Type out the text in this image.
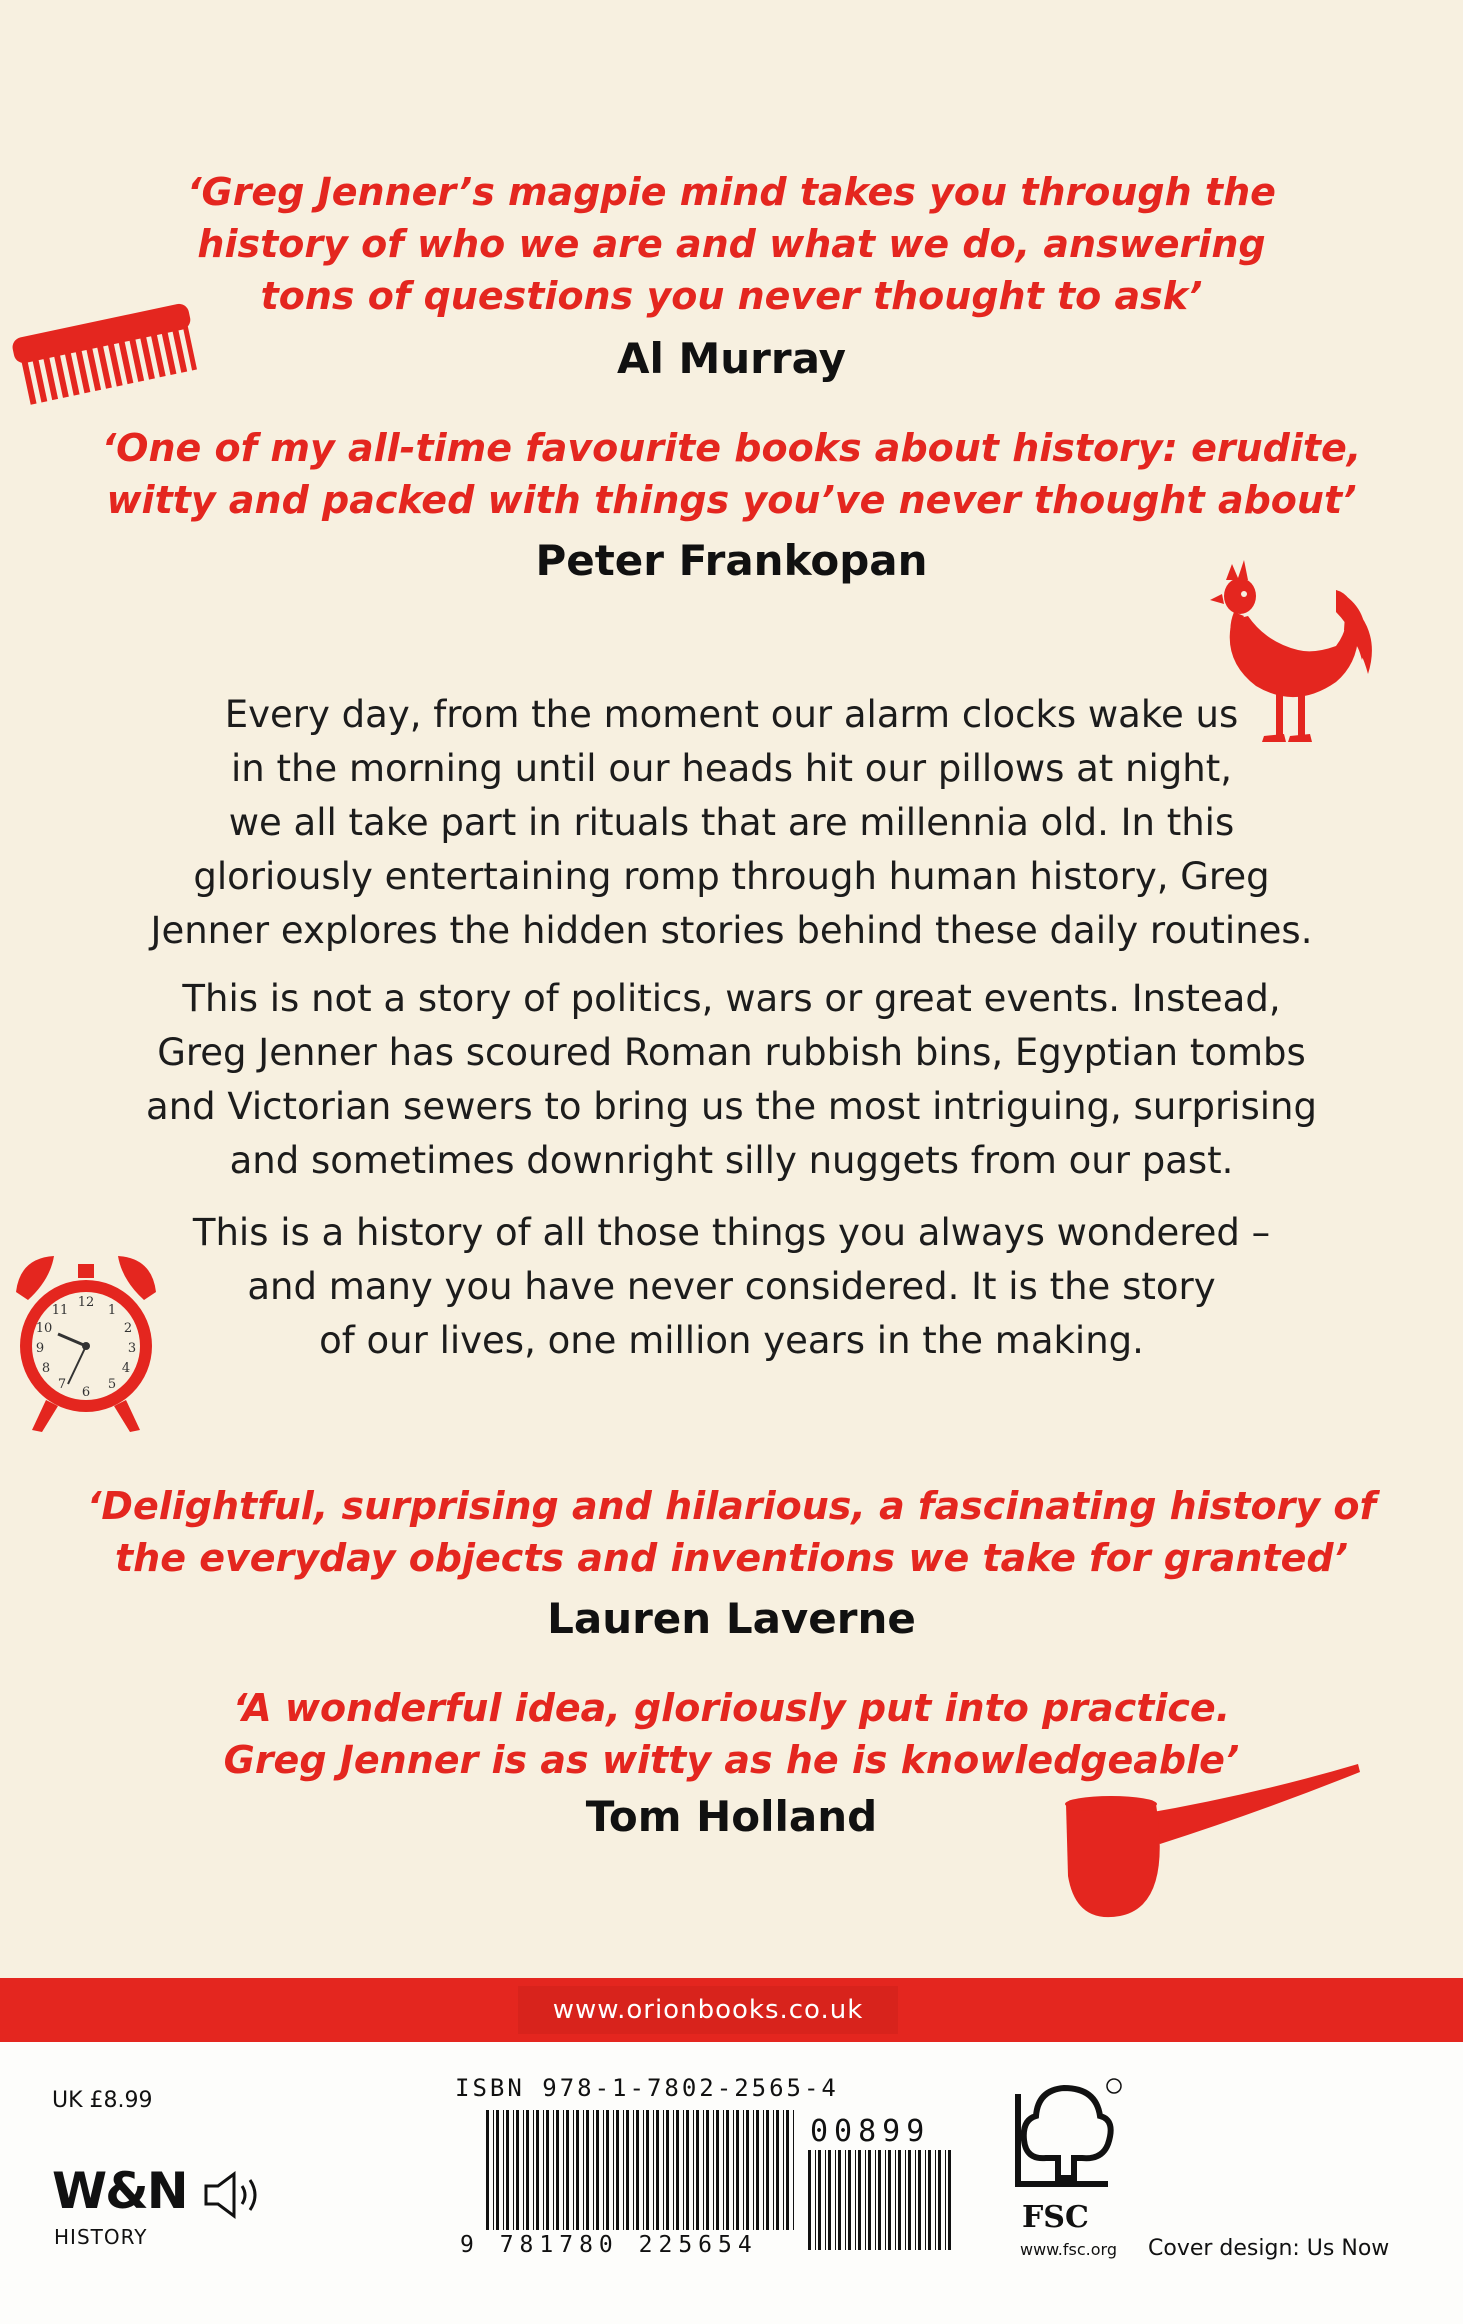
‘Greg Jenner’s magpie mind takes you through the
history of who we are and what we do, answering
tons of questions you never thought to ask’
Al Murray
‘One of my all-time favourite books about history: erudite,
witty and packed with things you’ve never thought about’
Peter Frankopan
Every day, from the moment our alarm clocks wake us
in the morning until our heads hit our pillows at night,
we all take part in rituals that are millennia old. In this
gloriously entertaining romp through human history, Greg
Jenner explores the hidden stories behind these daily routines.
This is not a story of politics, wars or great events. Instead,
Greg Jenner has scoured Roman rubbish bins, Egyptian tombs
and Victorian sewers to bring us the most intriguing, surprising
and sometimes downright silly nuggets from our past.
This is a history of all those things you always wondered –
and many you have never considered. It is the story
of our lives, one million years in the making.
‘Delightful, surprising and hilarious, a fascinating history of
the everyday objects and inventions we take for granted’
Lauren Laverne
‘A wonderful idea, gloriously put into practice.
Greg Jenner is as witty as he is knowledgeable’
Tom Holland
12
1
2
3
4
5
6
7
8
9
10
11
www.orionbooks.co.uk
UK £8.99
W&N
HISTORY
ISBN 978-1-7802-2565-4
00899
9 781780 225654
FSC
www.fsc.org Cover design: Us Now
